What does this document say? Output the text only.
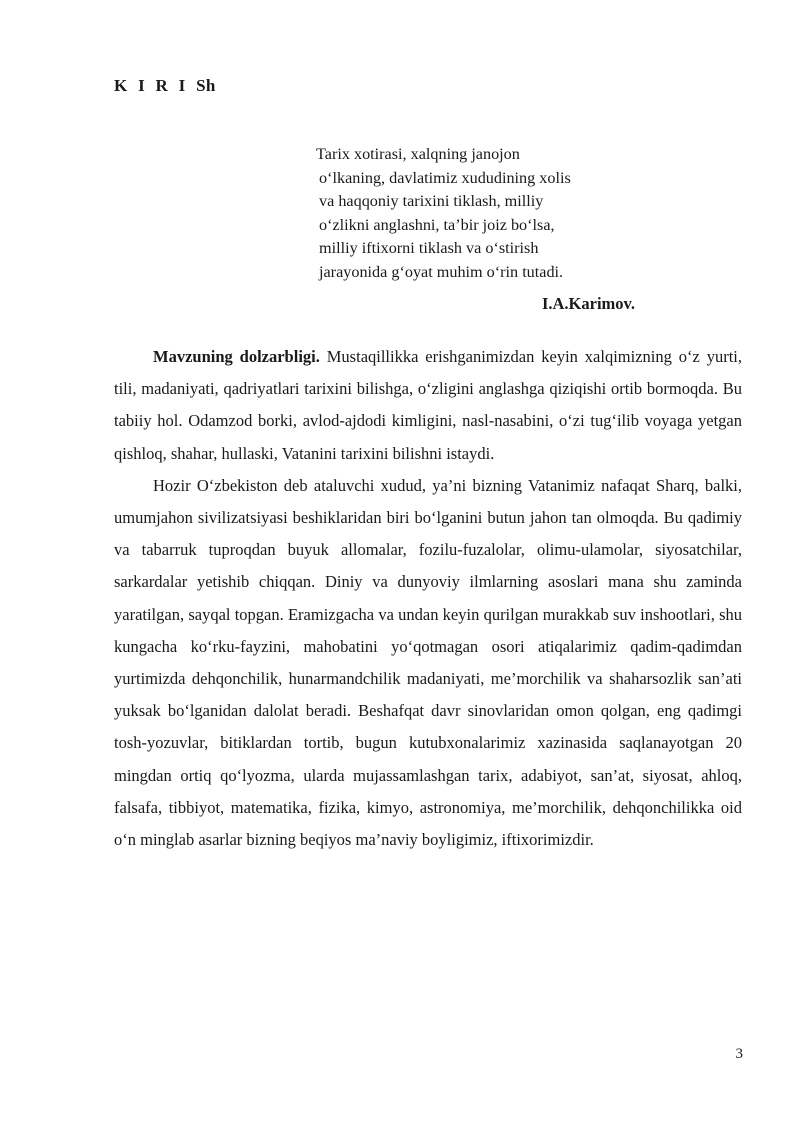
K I R I Sh
Tarix xotirasi, xalqning janojon
o‘lkaning, davlatimiz xududining xolis
va haqqoniy tarixini tiklash, milliy
o‘zlikni anglashni, ta’bir joiz bo‘lsa,
milliy iftixorni tiklash va o‘stirish
jarayonida g‘oyat muhim o‘rin tutadi.
I.A.Karimov.

Mavzuning dolzarbligi. Mustaqillikka erishganimizdan keyin xalqimizning o‘z yurti, tili, madaniyati, qadriyatlari tarixini bilishga, o‘zligini anglashga qiziqishi ortib bormoqda. Bu tabiiy hol. Odamzod borki, avlod-ajdodi kimligini, nasl-nasabini, o‘zi tug‘ilib voyaga yetgan qishloq, shahar, hullaski, Vatanini tarixini bilishni istaydi.

Hozir O‘zbekiston deb ataluvchi xudud, ya’ni bizning Vatanimiz nafaqat Sharq, balki, umumjahon sivilizatsiyasi beshiklaridan biri bo‘lganini butun jahon tan olmoqda. Bu qadimiy va tabarruk tuproqdan buyuk allomalar, fozilu-fuzalolar, olimu-ulamolar, siyosatchilar, sarkardalar yetishib chiqqan. Diniy va dunyoviy ilmlarning asoslari mana shu zaminda yaratilgan, sayqal topgan. Eramizgacha va undan keyin qurilgan murakkab suv inshootlari, shu kungacha ko‘rku-fayzini, mahobatini yo‘qotmagan osori atiqalarimiz qadim-qadimdan yurtimizda dehqonchilik, hunarmandchilik madaniyati, me’morchilik va shaharsozlik san’ati yuksak bo‘lganidan dalolat beradi. Beshafqat davr sinovlaridan omon qolgan, eng qadimgi tosh-yozuvlar, bitiklardan tortib, bugun kutubxonalarimiz xazinasida saqlanayotgan 20 mingdan ortiq qo‘lyozma, ularda mujassamlashgan tarix, adabiyot, san’at, siyosat, ahloq, falsafa, tibbiyot, matematika, fizika, kimyo, astronomiya, me’morchilik, dehqonchilikka oid o‘n minglab asarlar bizning beqiyos ma’naviy boyligimiz, iftixorimizdir.

3
